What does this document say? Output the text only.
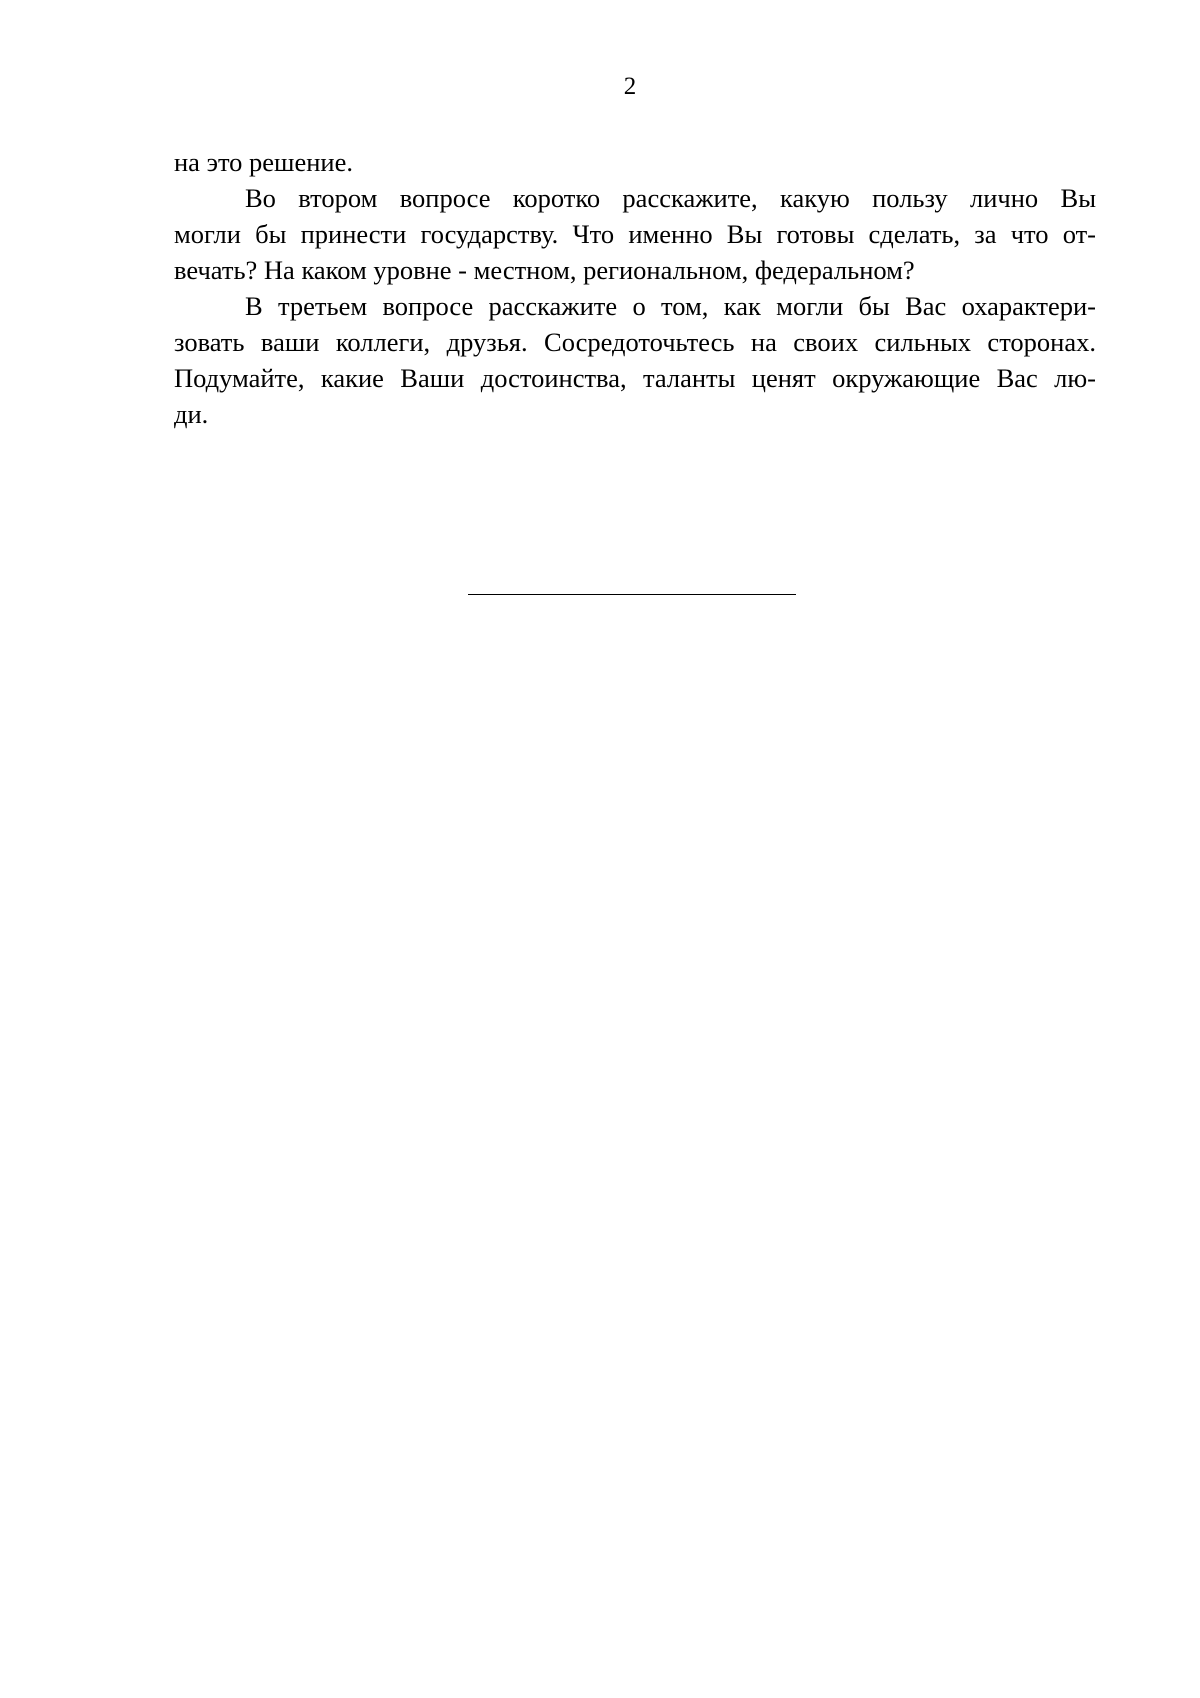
2
на это решение.
Во втором вопросе коротко расскажите, какую пользу лично Вы
могли бы принести государству. Что именно Вы готовы сделать, за что от-
вечать? На каком уровне - местном, региональном, федеральном?
В третьем вопросе расскажите о том, как могли бы Вас охарактери-
зовать ваши коллеги, друзья. Сосредоточьтесь на своих сильных сторонах.
Подумайте, какие Ваши достоинства, таланты ценят окружающие Вас лю-
ди.
